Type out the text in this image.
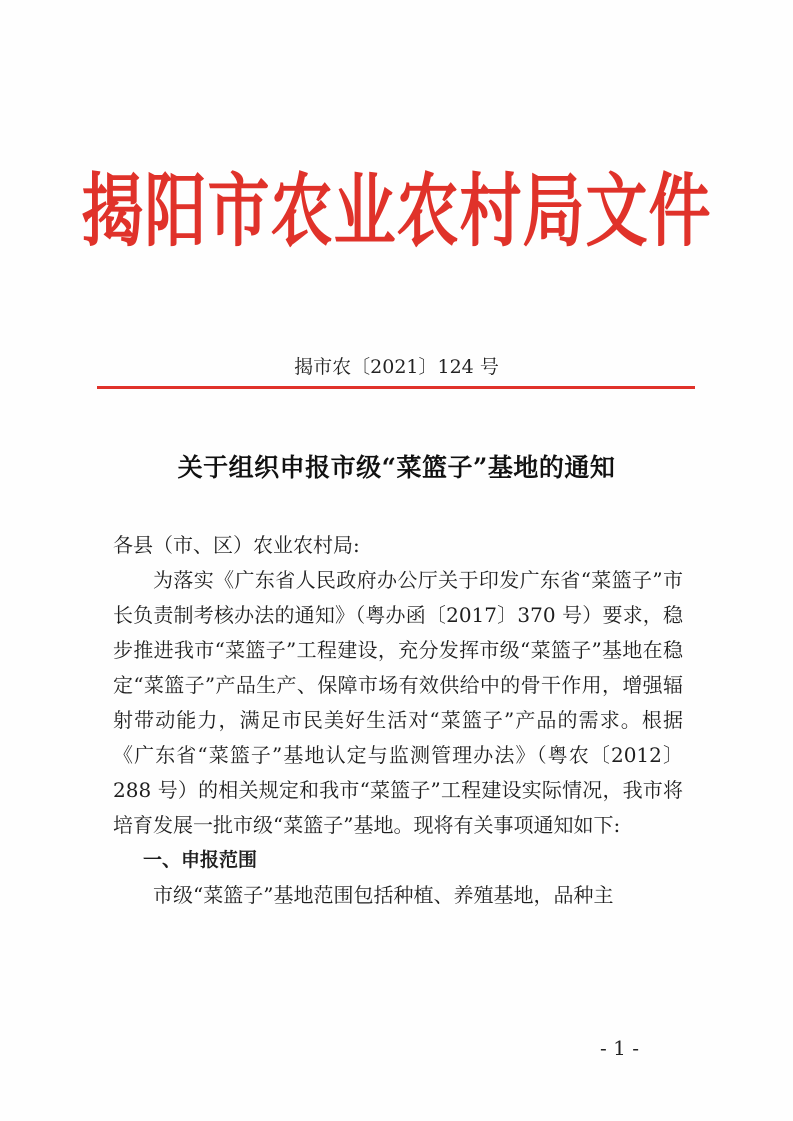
揭阳市农业农村局文件
揭市农〔2021〕124 号
关于组织申报市级“菜篮子”基地的通知

各县（市、区）农业农村局:

为落实《广东省人民政府办公厅关于印发广东省“菜篮子”市长负责制考核办法的通知》（粤办函〔2017〕370 号）要求，稳步推进我市“菜篮子”工程建设，充分发挥市级“菜篮子”基地在稳定“菜篮子”产品生产、保障市场有效供给中的骨干作用，增强辐射带动能力，满足市民美好生活对“菜篮子”产品的需求。根据《广东省“菜篮子”基地认定与监测管理办法》（粤农〔2012〕288 号）的相关规定和我市“菜篮子”工程建设实际情况，我市将培育发展一批市级“菜篮子”基地。现将有关事项通知如下:

一、申报范围

市级“菜篮子”基地范围包括种植、养殖基地，品种主

- 1 -
